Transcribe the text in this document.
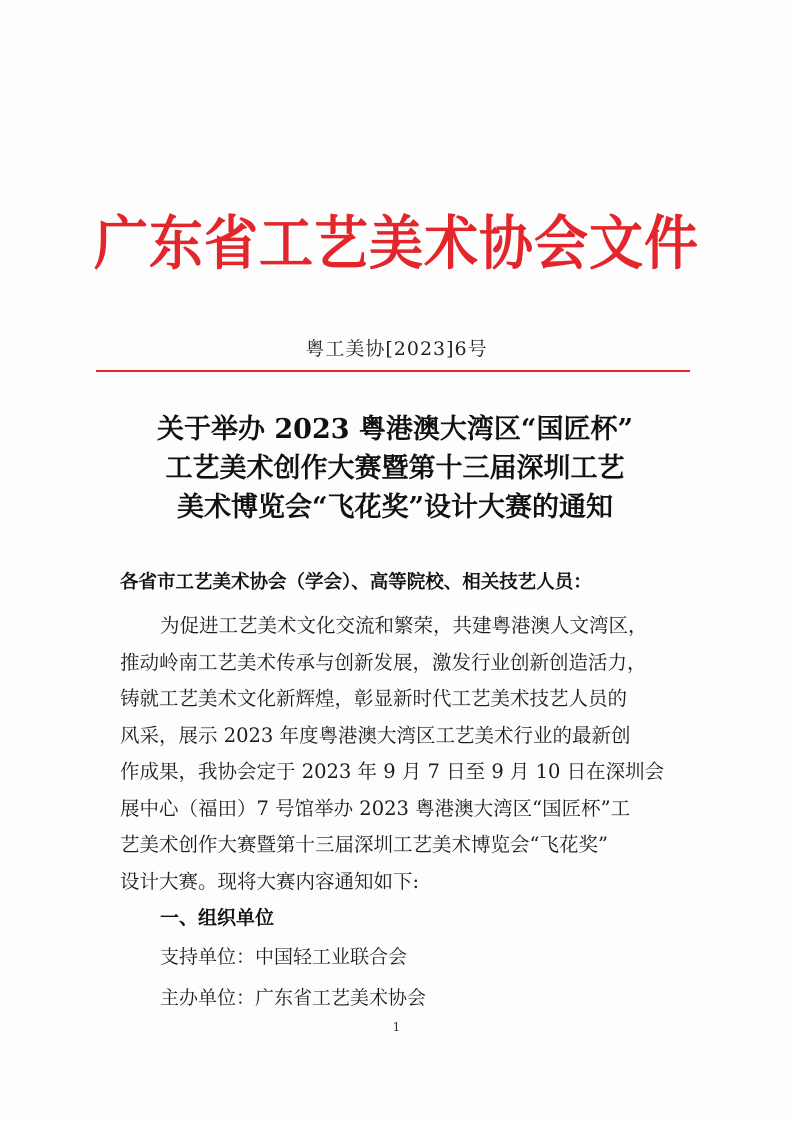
广东省工艺美术协会文件
粤工美协[2023]6号
关于举办 2023 粤港澳大湾区“国匠杯”
工艺美术创作大赛暨第十三届深圳工艺
美术博览会“飞花奖”设计大赛的通知
各省市工艺美术协会（学会）、高等院校、相关技艺人员：
为促进工艺美术文化交流和繁荣，共建粤港澳人文湾区，
推动岭南工艺美术传承与创新发展，激发行业创新创造活力，
铸就工艺美术文化新辉煌，彰显新时代工艺美术技艺人员的
风采，展示 2023 年度粤港澳大湾区工艺美术行业的最新创
作成果，我协会定于 2023 年 9 月 7 日至 9 月 10 日在深圳会
展中心（福田）7 号馆举办 2023 粤港澳大湾区“国匠杯”工
艺美术创作大赛暨第十三届深圳工艺美术博览会“飞花奖”
设计大赛。现将大赛内容通知如下:
一、组织单位
支持单位：中国轻工业联合会
主办单位：广东省工艺美术协会
1
